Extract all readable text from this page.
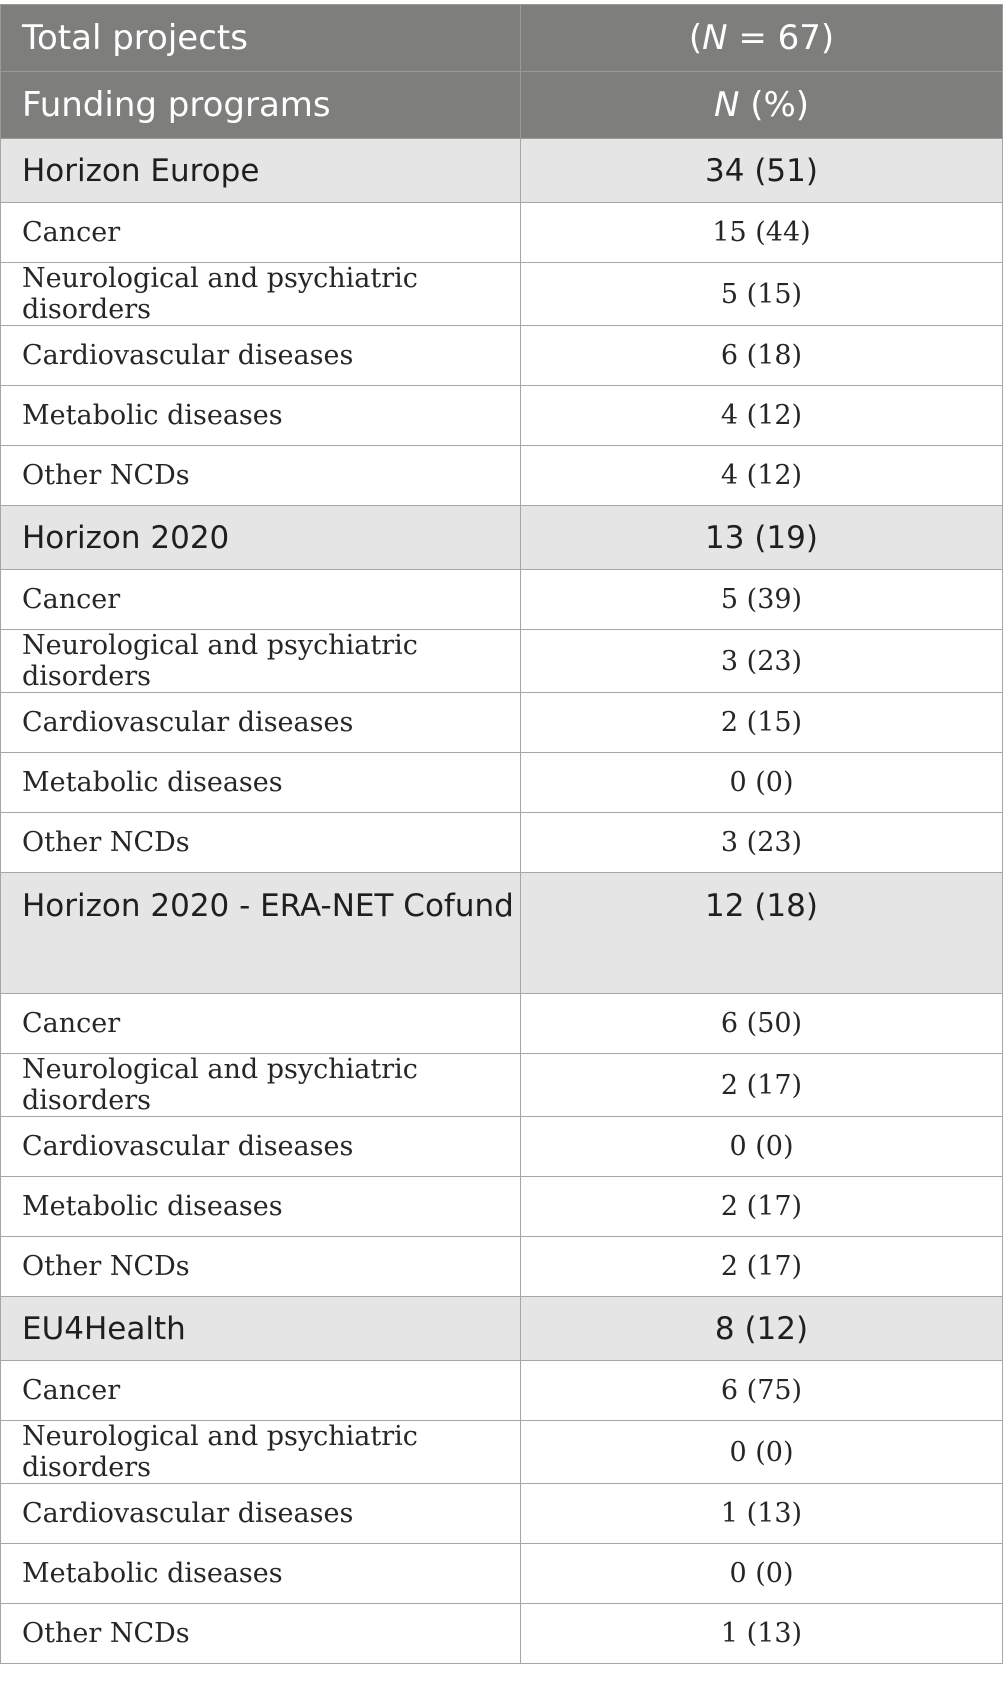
Total projects	(N = 67)
Funding programs	N (%)
Horizon Europe	34 (51)
Cancer	15 (44)
Neurological and psychiatric disorders	5 (15)
Cardiovascular diseases	6 (18)
Metabolic diseases	4 (12)
Other NCDs	4 (12)
Horizon 2020	13 (19)
Cancer	5 (39)
Neurological and psychiatric disorders	3 (23)
Cardiovascular diseases	2 (15)
Metabolic diseases	0 (0)
Other NCDs	3 (23)
Horizon 2020 - ERA-NET Cofund	12 (18)
Cancer	6 (50)
Neurological and psychiatric disorders	2 (17)
Cardiovascular diseases	0 (0)
Metabolic diseases	2 (17)
Other NCDs	2 (17)
EU4Health	8 (12)
Cancer	6 (75)
Neurological and psychiatric disorders	0 (0)
Cardiovascular diseases	1 (13)
Metabolic diseases	0 (0)
Other NCDs	1 (13)
